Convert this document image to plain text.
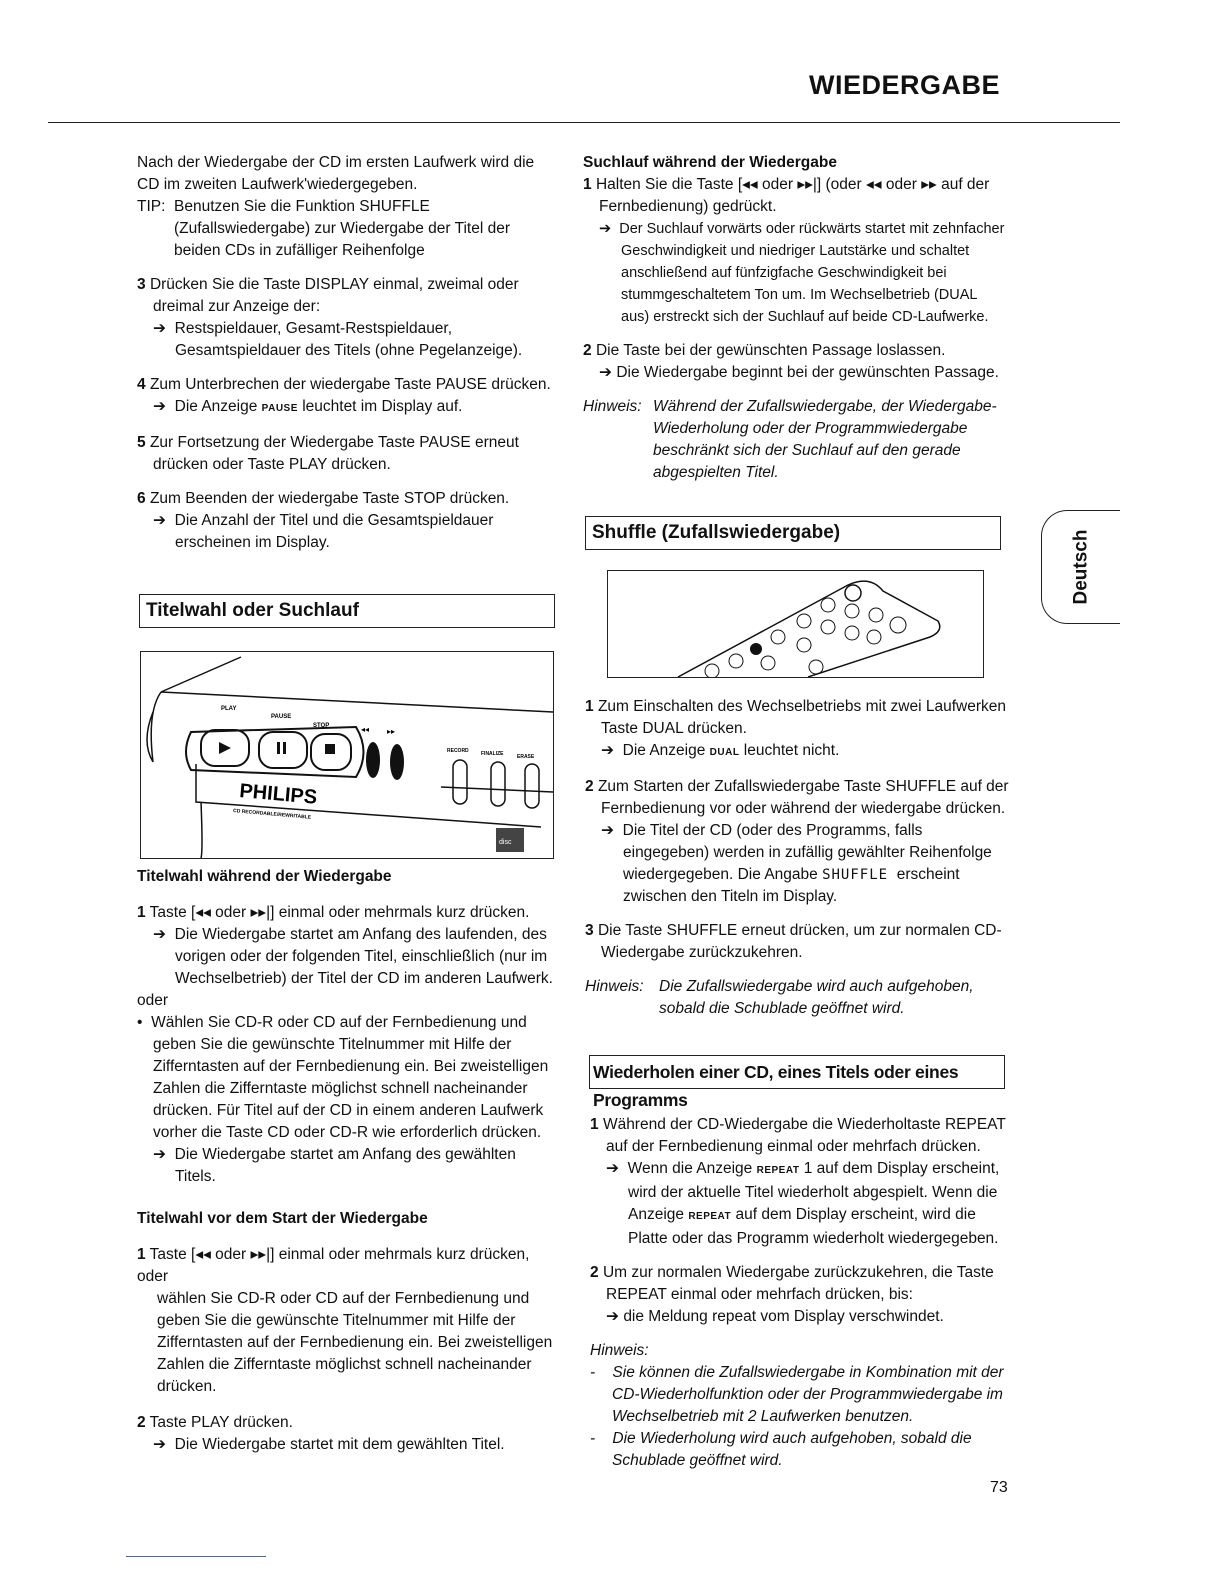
WIEDERGABE
Deutsch

Nach der Wiedergabe der CD im ersten Laufwerk wird die CD im zweiten Laufwerk'wiedergegeben.

TIP: Benutzen Sie die Funktion SHUFFLE (Zufallswiedergabe) zur Wiedergabe der Titel der beiden CDs in zufälliger Reihenfolge

3 Drücken Sie die Taste DISPLAY einmal, zweimal oder dreimal zur Anzeige der:

➔ Restspieldauer, Gesamt-Restspieldauer, Gesamtspieldauer des Titels (ohne Pegelanzeige).

4 Zum Unterbrechen der wiedergabe Taste PAUSE drücken.

➔ Die Anzeige PAUSE leuchtet im Display auf.

5 Zur Fortsetzung der Wiedergabe Taste PAUSE erneut drücken oder Taste PLAY drücken.

6 Zum Beenden der wiedergabe Taste STOP drücken.

➔ Die Anzahl der Titel und die Gesamtspieldauer erscheinen im Display.

Titelwahl oder Suchlauf
PLAY
PAUSE
STOP	◂◂ ▸▸
RECORD FINALIZE	ERASE
PHILIPS
CD RECORDABLE/REWRITABLE
disc

Titelwahl während der Wiedergabe

1 Taste [◂◂ oder ▸▸|] einmal oder mehrmals kurz drücken.

➔ Die Wiedergabe startet am Anfang des laufenden, des vorigen oder der folgenden Titel, einschließlich (nur im Wechselbetrieb) der Titel der CD im anderen Laufwerk.

oder

• Wählen Sie CD-R oder CD auf der Fernbedienung und geben Sie die gewünschte Titelnummer mit Hilfe der Zifferntasten auf der Fernbedienung ein. Bei zweistelligen Zahlen die Zifferntaste möglichst schnell nacheinander drücken. Für Titel auf der CD in einem anderen Laufwerk vorher die Taste CD oder CD-R wie erforderlich drücken.

➔ Die Wiedergabe startet am Anfang des gewählten Titels.

Titelwahl vor dem Start der Wiedergabe

1 Taste [◂◂ oder ▸▸|] einmal oder mehrmals kurz drücken,

oder

wählen Sie CD-R oder CD auf der Fernbedienung und geben Sie die gewünschte Titelnummer mit Hilfe der Zifferntasten auf der Fernbedienung ein. Bei zweistelligen Zahlen die Zifferntaste möglichst schnell nacheinander drücken.

2 Taste PLAY drücken.

➔ Die Wiedergabe startet mit dem gewählten Titel.

Suchlauf während der Wiedergabe

1 Halten Sie die Taste [◂◂ oder ▸▸|] (oder ◂◂ oder ▸▸ auf der Fernbedienung) gedrückt.

➔ Der Suchlauf vorwärts oder rückwärts startet mit zehnfacher Geschwindigkeit und niedriger Lautstärke und schaltet anschließend auf fünfzigfache Geschwindigkeit bei stummgeschaltetem Ton um. Im Wechselbetrieb (DUAL aus) erstreckt sich der Suchlauf auf beide CD-Laufwerke.

2 Die Taste bei der gewünschten Passage loslassen.

➔ Die Wiedergabe beginnt bei der gewünschten Passage.

Hinweis: Während der Zufallswiedergabe, der Wiedergabe-Wiederholung oder der Programmwiedergabe beschränkt sich der Suchlauf auf den gerade abgespielten Titel.
Shuffle (Zufallswiedergabe)

1 Zum Einschalten des Wechselbetriebs mit zwei Laufwerken Taste DUAL drücken.

➔ Die Anzeige DUAL leuchtet nicht.

2 Zum Starten der Zufallswiedergabe Taste SHUFFLE auf der Fernbedienung vor oder während der wiedergabe drücken.

➔ Die Titel der CD (oder des Programms, falls eingegeben) werden in zufällig gewählter Reihenfolge wiedergegeben. Die Angabe SHUFFLE erscheint zwischen den Titeln im Display.

3 Die Taste SHUFFLE erneut drücken, um zur normalen CD-Wiedergabe zurückzukehren.

Hinweis: Die Zufallswiedergabe wird auch aufgehoben, sobald die Schublade geöffnet wird.
Wiederholen einer CD, eines Titels oder eines Programms

1 Während der CD-Wiedergabe die Wiederholtaste REPEAT auf der Fernbedienung einmal oder mehrfach drücken.

➔ Wenn die Anzeige REPEAT 1 auf dem Display erscheint, wird der aktuelle Titel wiederholt abgespielt. Wenn die Anzeige REPEAT auf dem Display erscheint, wird die Platte oder das Programm wiederholt wiedergegeben.

2 Um zur normalen Wiedergabe zurückzukehren, die Taste REPEAT einmal oder mehrfach drücken, bis:

➔ die Meldung repeat vom Display verschwindet.

Hinweis:

- Sie können die Zufallswiedergabe in Kombination mit der CD-Wiederholfunktion oder der Programmwiedergabe im Wechselbetrieb mit 2 Laufwerken benutzen.

- Die Wiederholung wird auch aufgehoben, sobald die Schublade geöffnet wird.

73
